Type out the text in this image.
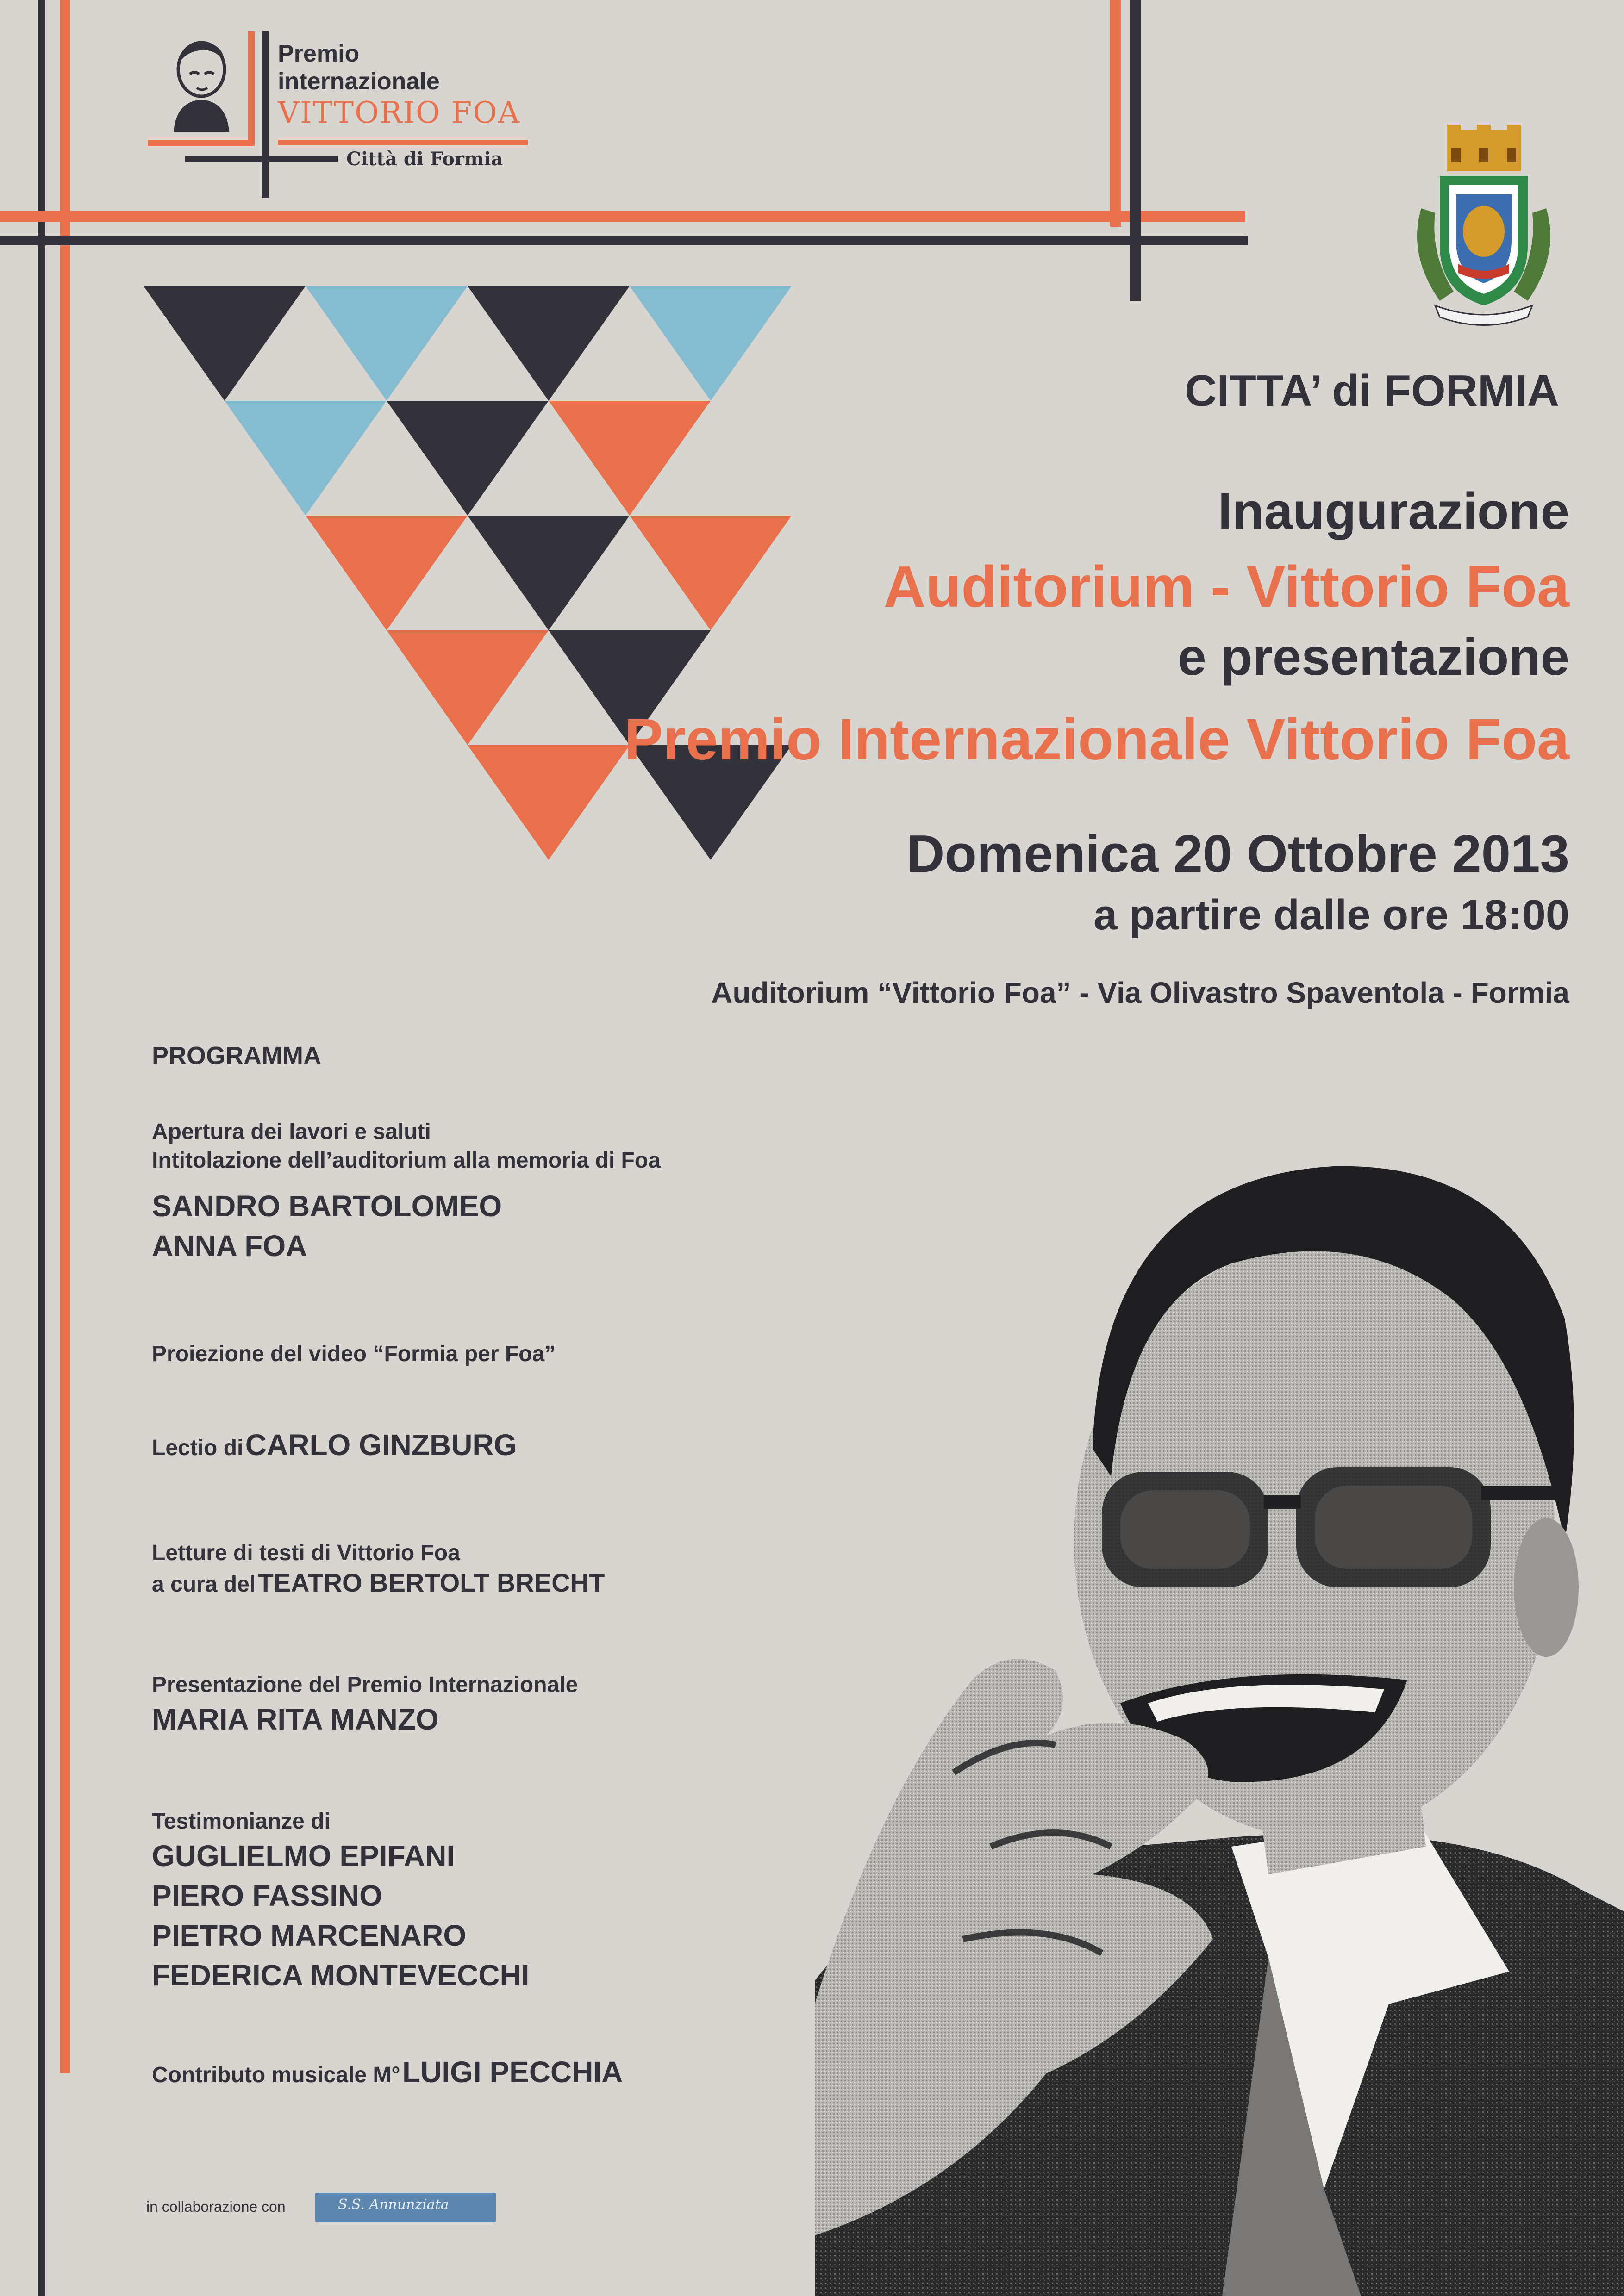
Premio
internazionale
VITTORIO FOA
Città di Formia
CITTA’ di FORMIA
Inaugurazione
Auditorium - Vittorio Foa
e presentazione
Premio Internazionale Vittorio Foa
Domenica 20 Ottobre 2013
a partire dalle ore 18:00
Auditorium “Vittorio Foa” - Via Olivastro Spaventola - Formia
PROGRAMMA
Apertura dei lavori e saluti
Intitolazione dell’auditorium alla memoria di Foa
SANDRO BARTOLOMEO
ANNA FOA
Proiezione del video “Formia per Foa”
Lectio di CARLO GINZBURG
Letture di testi di Vittorio Foa
a cura del TEATRO BERTOLT BRECHT
Presentazione del Premio Internazionale
MARIA RITA MANZO
Testimonianze di
GUGLIELMO EPIFANI
PIERO FASSINO
PIETRO MARCENARO
FEDERICA MONTEVECCHI
Contributo musicale M° LUIGI PECCHIA
in collaborazione con	S.S. Annunziata
